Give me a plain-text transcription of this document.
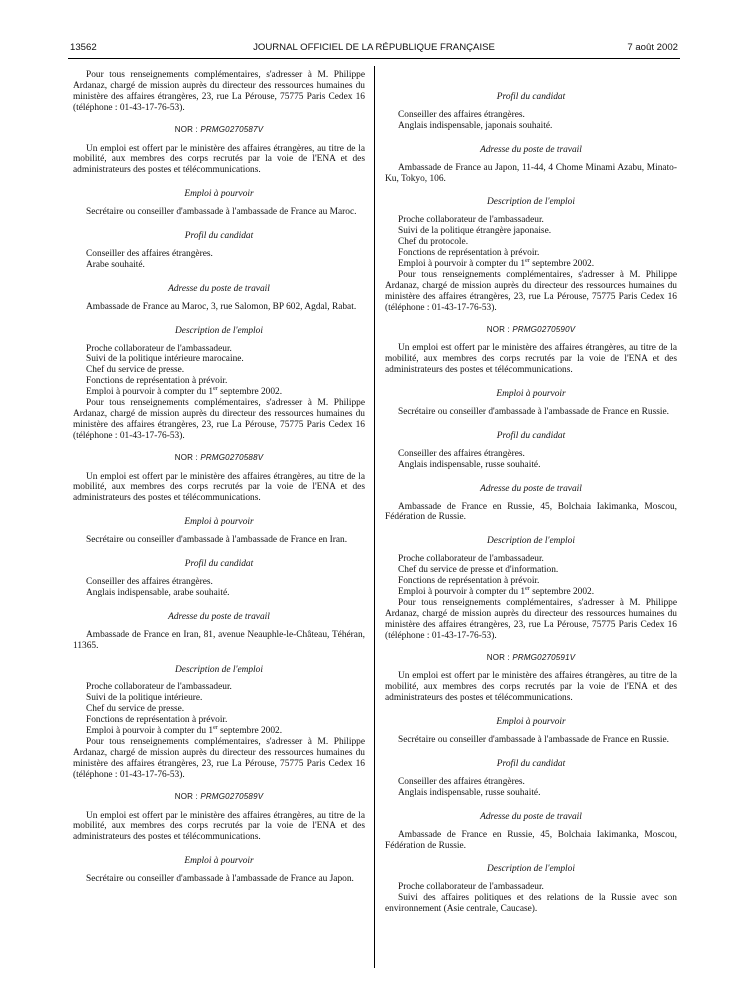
13562	JOURNAL OFFICIEL DE LA RÉPUBLIQUE FRANÇAISE	7 août 2002

Pour tous renseignements complémentaires, s'adresser à M. Philippe Ardanaz, chargé de mission auprès du directeur des ressources humaines du ministère des affaires étrangères, 23, rue La Pérouse, 75775 Paris Cedex 16 (téléphone : 01-43-17-76-53).

NOR : PRMG0270587V

Un emploi est offert par le ministère des affaires étrangères, au titre de la mobilité, aux membres des corps recrutés par la voie de l'ENA et des administrateurs des postes et télécommunications.

Emploi à pourvoir

Secrétaire ou conseiller d'ambassade à l'ambassade de France au Maroc.

Profil du candidat

Conseiller des affaires étrangères.

Arabe souhaité.

Adresse du poste de travail

Ambassade de France au Maroc, 3, rue Salomon, BP 602, Agdal, Rabat.

Description de l'emploi

Proche collaborateur de l'ambassadeur.

Suivi de la politique intérieure marocaine.

Chef du service de presse.

Fonctions de représentation à prévoir.

Emploi à pourvoir à compter du 1er septembre 2002.

Pour tous renseignements complémentaires, s'adresser à M. Philippe Ardanaz, chargé de mission auprès du directeur des ressources humaines du ministère des affaires étrangères, 23, rue La Pérouse, 75775 Paris Cedex 16 (téléphone : 01-43-17-76-53).

NOR : PRMG0270588V

Un emploi est offert par le ministère des affaires étrangères, au titre de la mobilité, aux membres des corps recrutés par la voie de l'ENA et des administrateurs des postes et télécommunications.

Emploi à pourvoir

Secrétaire ou conseiller d'ambassade à l'ambassade de France en Iran.

Profil du candidat

Conseiller des affaires étrangères.

Anglais indispensable, arabe souhaité.

Adresse du poste de travail

Ambassade de France en Iran, 81, avenue Neauphle-le-Château, Téhéran, 11365.

Description de l'emploi

Proche collaborateur de l'ambassadeur.

Suivi de la politique intérieure.

Chef du service de presse.

Fonctions de représentation à prévoir.

Emploi à pourvoir à compter du 1er septembre 2002.

Pour tous renseignements complémentaires, s'adresser à M. Philippe Ardanaz, chargé de mission auprès du directeur des ressources humaines du ministère des affaires étrangères, 23, rue La Pérouse, 75775 Paris Cedex 16 (téléphone : 01-43-17-76-53).

NOR : PRMG0270589V

Un emploi est offert par le ministère des affaires étrangères, au titre de la mobilité, aux membres des corps recrutés par la voie de l'ENA et des administrateurs des postes et télécommunications.

Emploi à pourvoir

Secrétaire ou conseiller d'ambassade à l'ambassade de France au Japon.

Profil du candidat

Conseiller des affaires étrangères.

Anglais indispensable, japonais souhaité.

Adresse du poste de travail

Ambassade de France au Japon, 11-44, 4 Chome Minami Azabu, Minato-Ku, Tokyo, 106.

Description de l'emploi

Proche collaborateur de l'ambassadeur.

Suivi de la politique étrangère japonaise.

Chef du protocole.

Fonctions de représentation à prévoir.

Emploi à pourvoir à compter du 1er septembre 2002.

Pour tous renseignements complémentaires, s'adresser à M. Philippe Ardanaz, chargé de mission auprès du directeur des ressources humaines du ministère des affaires étrangères, 23, rue La Pérouse, 75775 Paris Cedex 16 (téléphone : 01-43-17-76-53).

NOR : PRMG0270590V

Un emploi est offert par le ministère des affaires étrangères, au titre de la mobilité, aux membres des corps recrutés par la voie de l'ENA et des administrateurs des postes et télécommunications.

Emploi à pourvoir

Secrétaire ou conseiller d'ambassade à l'ambassade de France en Russie.

Profil du candidat

Conseiller des affaires étrangères.

Anglais indispensable, russe souhaité.

Adresse du poste de travail

Ambassade de France en Russie, 45, Bolchaia Iakimanka, Moscou, Fédération de Russie.

Description de l'emploi

Proche collaborateur de l'ambassadeur.

Chef du service de presse et d'information.

Fonctions de représentation à prévoir.

Emploi à pourvoir à compter du 1er septembre 2002.

Pour tous renseignements complémentaires, s'adresser à M. Philippe Ardanaz, chargé de mission auprès du directeur des ressources humaines du ministère des affaires étrangères, 23, rue La Pérouse, 75775 Paris Cedex 16 (téléphone : 01-43-17-76-53).

NOR : PRMG0270591V

Un emploi est offert par le ministère des affaires étrangères, au titre de la mobilité, aux membres des corps recrutés par la voie de l'ENA et des administrateurs des postes et télécommunications.

Emploi à pourvoir

Secrétaire ou conseiller d'ambassade à l'ambassade de France en Russie.

Profil du candidat

Conseiller des affaires étrangères.

Anglais indispensable, russe souhaité.

Adresse du poste de travail

Ambassade de France en Russie, 45, Bolchaia Iakimanka, Moscou, Fédération de Russie.

Description de l'emploi

Proche collaborateur de l'ambassadeur.

Suivi des affaires politiques et des relations de la Russie avec son environnement (Asie centrale, Caucase).
